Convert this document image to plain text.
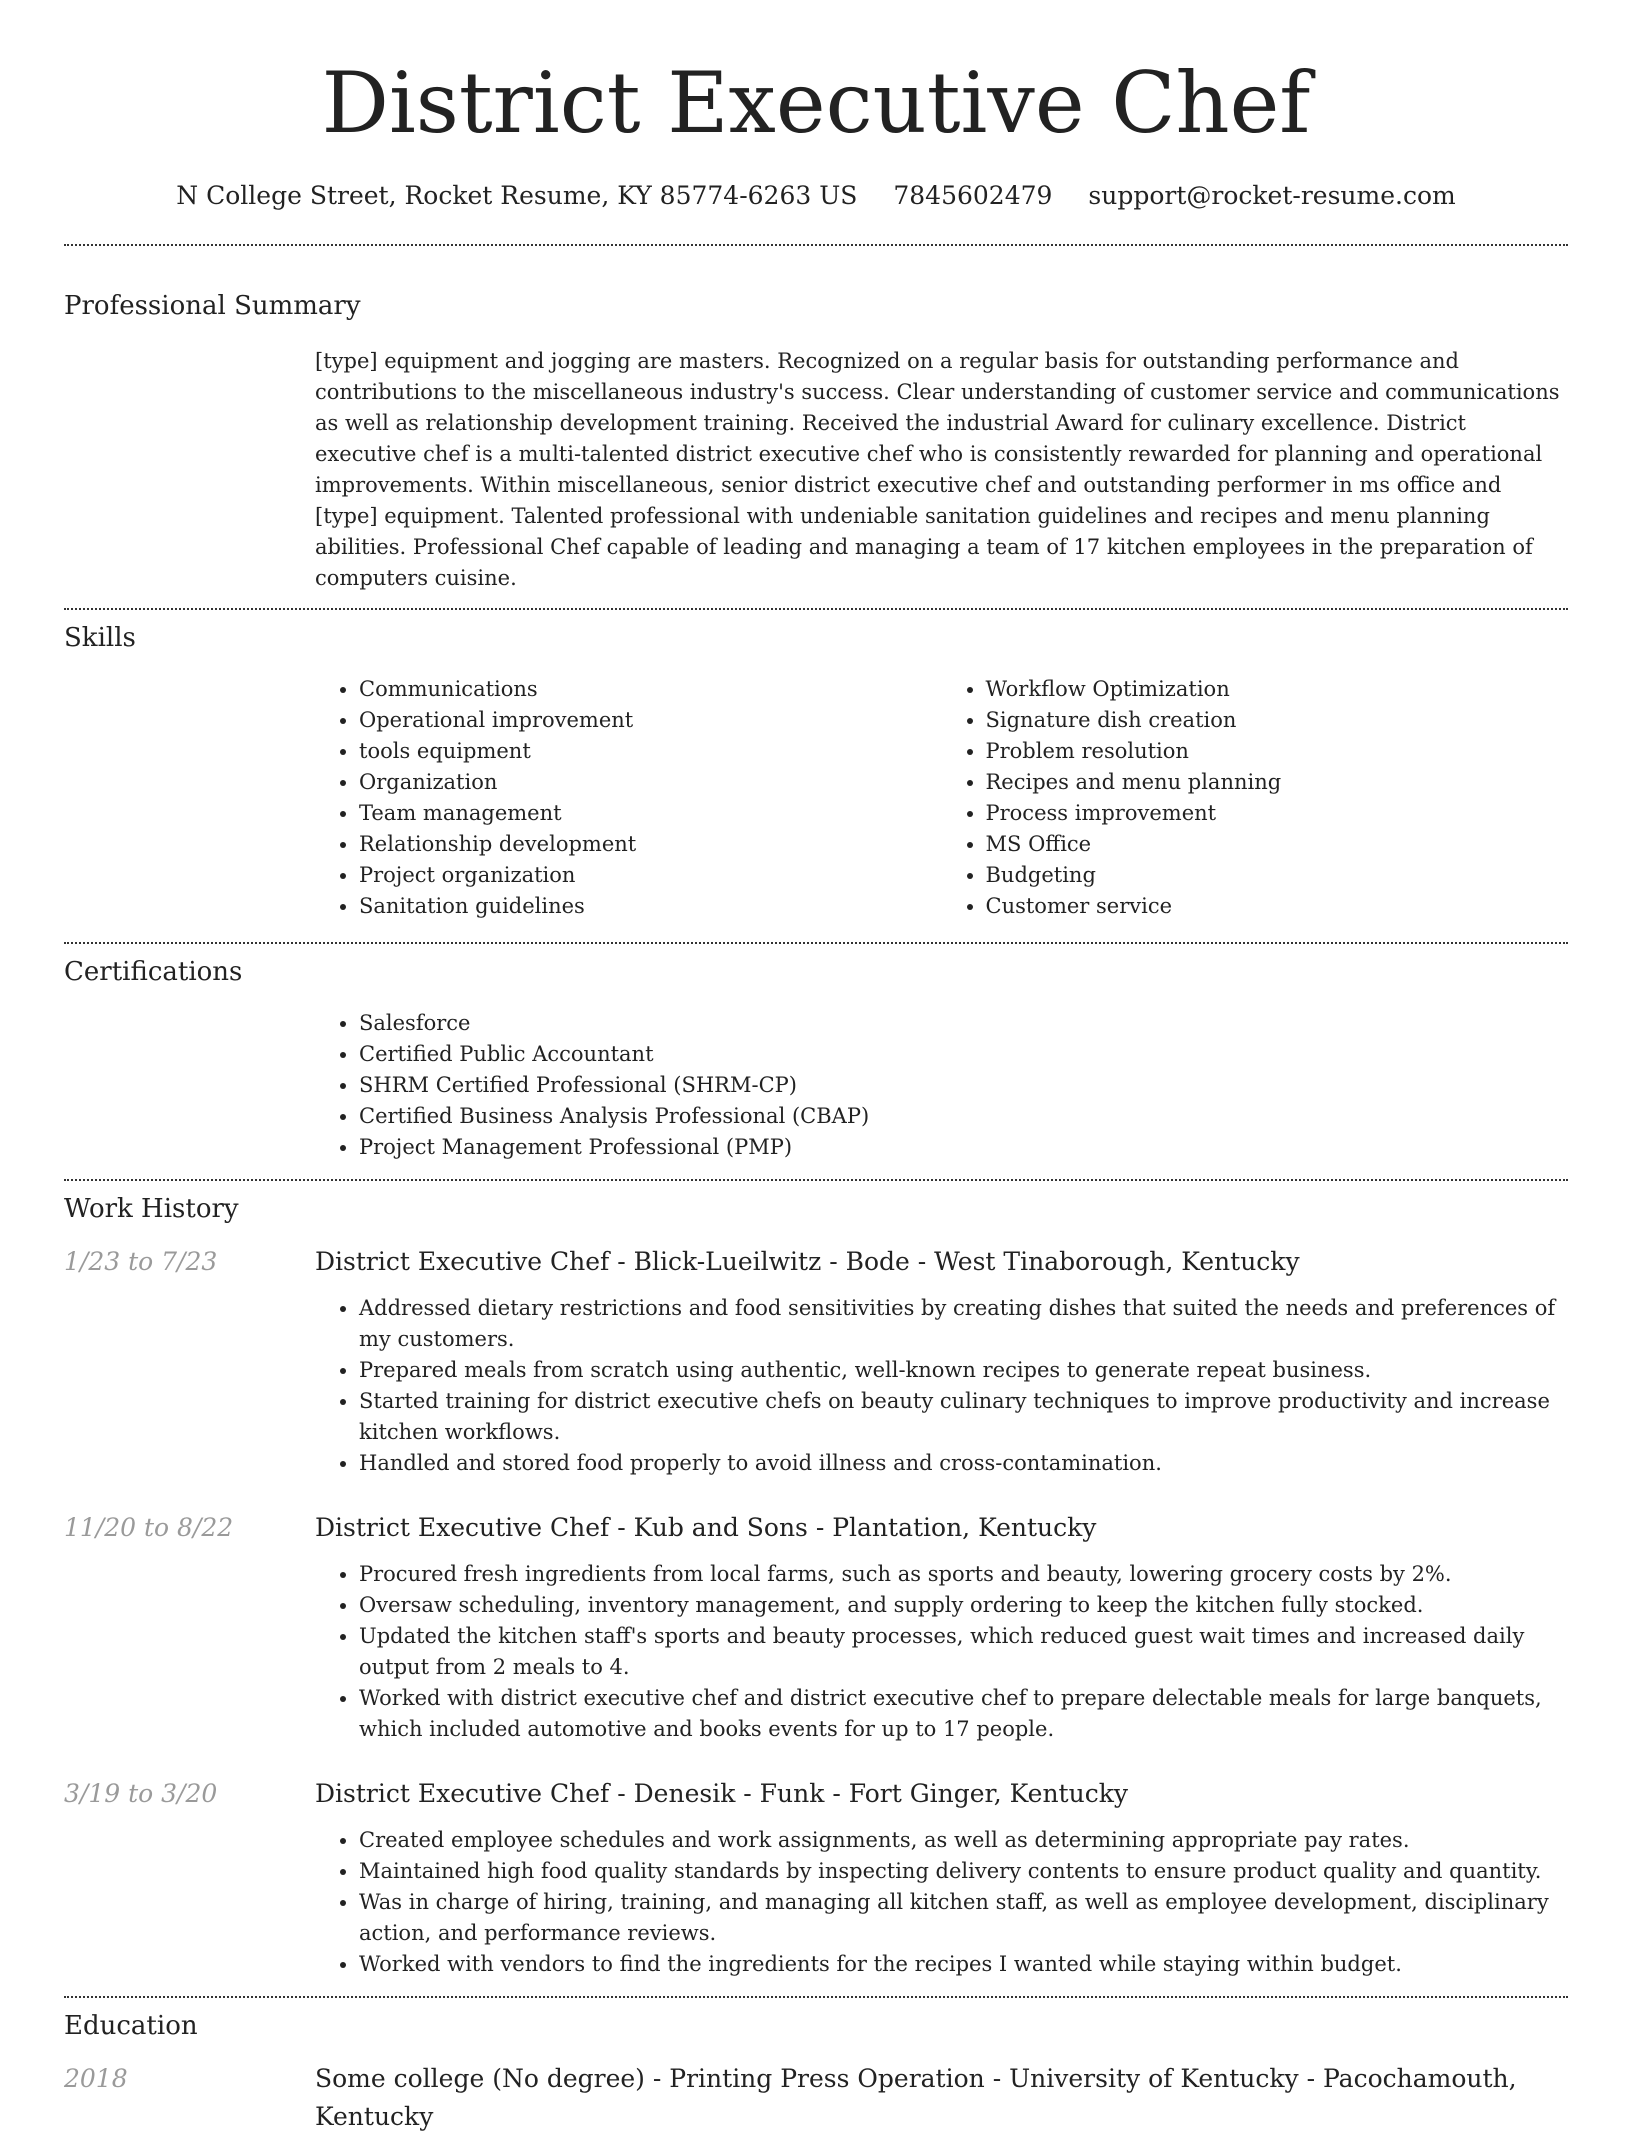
District Executive Chef
N College Street, Rocket Resume, KY 85774-6263 US 7845602479 support@rocket-resume.com
Professional Summary
[type] equipment and jogging are masters. Recognized on a regular basis for outstanding performance and contributions to the miscellaneous industry's success. Clear understanding of customer service and communications as well as relationship development training. Received the industrial Award for culinary excellence. District executive chef is a multi-talented district executive chef who is consistently rewarded for planning and operational improvements. Within miscellaneous, senior district executive chef and outstanding performer in ms office and [type] equipment. Talented professional with undeniable sanitation guidelines and recipes and menu planning abilities. Professional Chef capable of leading and managing a team of 17 kitchen employees in the preparation of computers cuisine.
Skills
• Communications
• Operational improvement
• tools equipment
• Organization
• Team management
• Relationship development
• Project organization
• Sanitation guidelines
• Workflow Optimization
• Signature dish creation
• Problem resolution
• Recipes and menu planning
• Process improvement
• MS Office
• Budgeting
• Customer service
Certifications
• Salesforce
• Certified Public Accountant
• SHRM Certified Professional (SHRM-CP)
• Certified Business Analysis Professional (CBAP)
• Project Management Professional (PMP)
Work History
1/23 to 7/23	District Executive Chef - Blick-Lueilwitz - Bode - West Tinaborough, Kentucky
• Addressed dietary restrictions and food sensitivities by creating dishes that suited the needs and preferences of my customers.
• Prepared meals from scratch using authentic, well-known recipes to generate repeat business.
• Started training for district executive chefs on beauty culinary techniques to improve productivity and increase kitchen workflows.
• Handled and stored food properly to avoid illness and cross-contamination.
11/20 to 8/22	District Executive Chef - Kub and Sons - Plantation, Kentucky
• Procured fresh ingredients from local farms, such as sports and beauty, lowering grocery costs by 2%.
• Oversaw scheduling, inventory management, and supply ordering to keep the kitchen fully stocked.
• Updated the kitchen staff's sports and beauty processes, which reduced guest wait times and increased daily output from 2 meals to 4.
• Worked with district executive chef and district executive chef to prepare delectable meals for large banquets, which included automotive and books events for up to 17 people.
3/19 to 3/20	District Executive Chef - Denesik - Funk - Fort Ginger, Kentucky
• Created employee schedules and work assignments, as well as determining appropriate pay rates.
• Maintained high food quality standards by inspecting delivery contents to ensure product quality and quantity.
• Was in charge of hiring, training, and managing all kitchen staff, as well as employee development, disciplinary action, and performance reviews.
• Worked with vendors to find the ingredients for the recipes I wanted while staying within budget.
Education
2018	Some college (No degree) - Printing Press Operation - University of Kentucky - Pacochamouth, Kentucky
